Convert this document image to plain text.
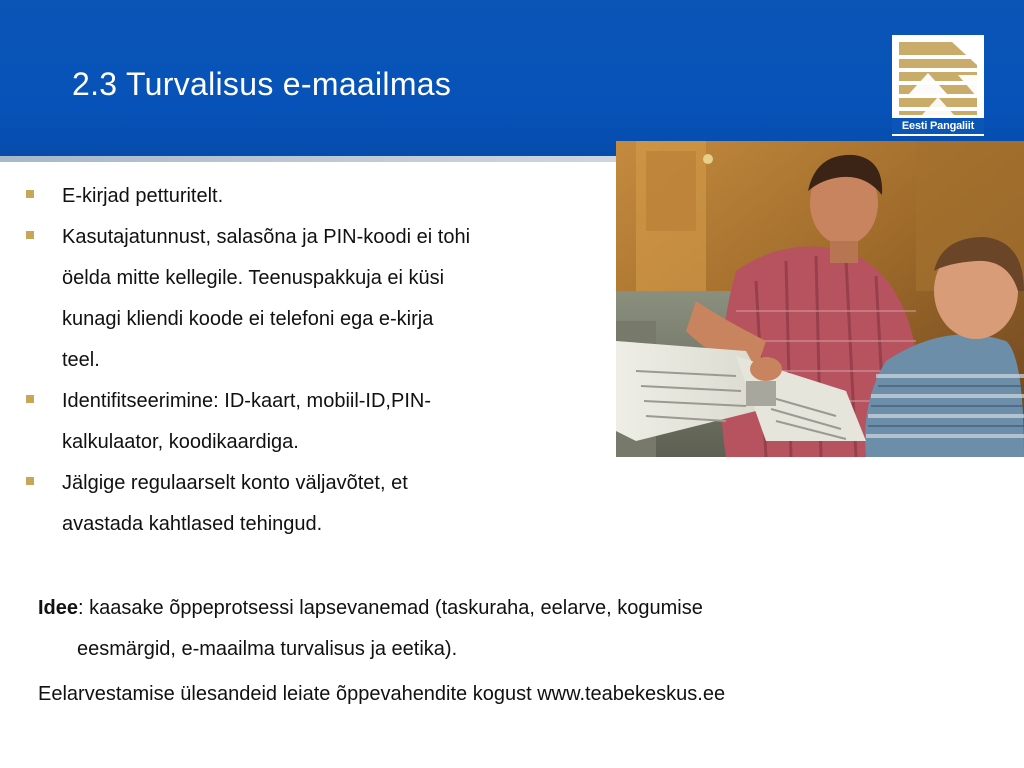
2.3 Turvalisus e-maailmas
Eesti Pangaliit
E-kirjad petturitelt.
Kasutajatunnust, salasõna ja PIN-koodi ei tohi
öelda mitte kellegile. Teenuspakkuja ei küsi
kunagi kliendi koode ei telefoni ega e-kirja
teel.
Identifitseerimine: ID-kaart, mobiil-ID,PIN-
kalkulaator, koodikaardiga.
Jälgige regulaarselt konto väljavõtet, et
avastada kahtlased tehingud.

Idee: kaasake õppeprotsessi lapsevanemad (taskuraha, eelarve, kogumise
eesmärgid, e-maailma turvalisus ja eetika).

Eelarvestamise ülesandeid leiate õppevahendite kogust www.teabekeskus.ee
